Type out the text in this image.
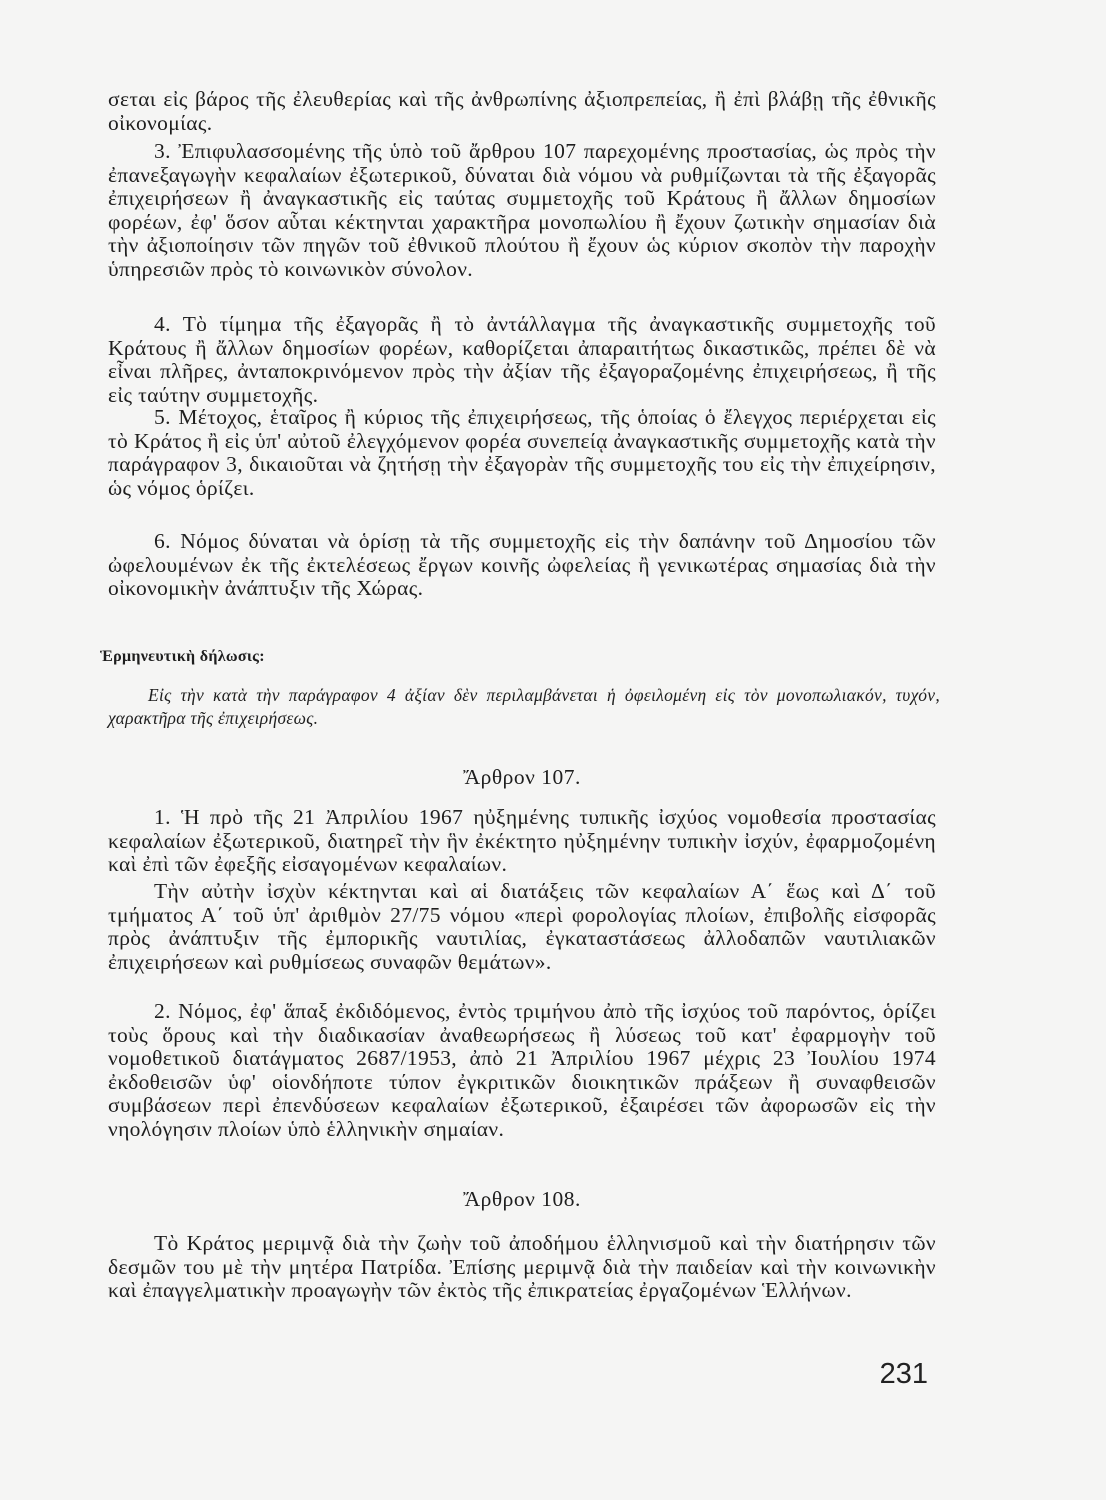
σεται εἰς βάρος τῆς ἐλευθερίας καὶ τῆς ἀνθρωπίνης ἀξιοπρεπείας, ἢ ἐπὶ βλάβῃ τῆς ἐθνικῆς οἰκονομίας.

3. Ἐπιφυλασσομένης τῆς ὑπὸ τοῦ ἄρθρου 107 παρεχομένης προστασίας, ὡς πρὸς τὴν ἐπανεξαγωγὴν κεφαλαίων ἐξωτερικοῦ, δύναται διὰ νόμου νὰ ρυθμίζωνται τὰ τῆς ἐξαγορᾶς ἐπιχειρήσεων ἢ ἀναγκαστικῆς εἰς ταύτας συμμετοχῆς τοῦ Κράτους ἢ ἄλλων δημοσίων φορέων, ἐφ' ὅσον αὗται κέκτηνται χαρακτῆρα μονοπωλίου ἢ ἔχουν ζωτικὴν σημασίαν διὰ τὴν ἀξιοποίησιν τῶν πηγῶν τοῦ ἐθνικοῦ πλούτου ἢ ἔχουν ὡς κύριον σκοπὸν τὴν παροχὴν ὑπηρεσιῶν πρὸς τὸ κοινωνικὸν σύνολον.

4. Τὸ τίμημα τῆς ἐξαγορᾶς ἢ τὸ ἀντάλλαγμα τῆς ἀναγκαστικῆς συμμετοχῆς τοῦ Κράτους ἢ ἄλλων δημοσίων φορέων, καθορίζεται ἀπαραιτήτως δικαστικῶς, πρέπει δὲ νὰ εἶναι πλῆρες, ἀνταποκρινόμενον πρὸς τὴν ἀξίαν τῆς ἐξαγοραζομένης ἐπιχειρήσεως, ἢ τῆς εἰς ταύτην συμμετοχῆς.

5. Μέτοχος, ἑταῖρος ἢ κύριος τῆς ἐπιχειρήσεως, τῆς ὁποίας ὁ ἔλεγχος περιέρχεται εἰς τὸ Κράτος ἢ εἰς ὑπ' αὐτοῦ ἐλεγχόμενον φορέα συνεπείᾳ ἀναγκαστικῆς συμμετοχῆς κατὰ τὴν παράγραφον 3, δικαιοῦται νὰ ζητήσῃ τὴν ἐξαγορὰν τῆς συμμετοχῆς του εἰς τὴν ἐπιχείρησιν, ὡς νόμος ὁρίζει.

6. Νόμος δύναται νὰ ὁρίσῃ τὰ τῆς συμμετοχῆς εἰς τὴν δαπάνην τοῦ Δημοσίου τῶν ὠφελουμένων ἐκ τῆς ἐκτελέσεως ἔργων κοινῆς ὠφελείας ἢ γενικωτέρας σημασίας διὰ τὴν οἰκονομικὴν ἀνάπτυξιν τῆς Χώρας.

Ἑρμηνευτικὴ δήλωσις:

Εἰς τὴν κατὰ τὴν παράγραφον 4 ἀξίαν δὲν περιλαμβάνεται ἡ ὀφειλομένη εἰς τὸν μονοπωλιακόν, τυχόν, χαρακτῆρα τῆς ἐπιχειρήσεως.

Ἄρθρον 107.

1. Ἡ πρὸ τῆς 21 Ἀπριλίου 1967 ηὐξημένης τυπικῆς ἰσχύος νομοθεσία προστασίας κεφαλαίων ἐξωτερικοῦ, διατηρεῖ τὴν ἣν ἐκέκτητο ηὐξημένην τυπικὴν ἰσχύν, ἐφαρμοζομένη καὶ ἐπὶ τῶν ἐφεξῆς εἰσαγομένων κεφαλαίων.

Τὴν αὐτὴν ἰσχὺν κέκτηνται καὶ αἱ διατάξεις τῶν κεφαλαίων Α΄ ἕως καὶ Δ΄ τοῦ τμήματος Α΄ τοῦ ὑπ' ἀριθμὸν 27/75 νόμου «περὶ φορολογίας πλοίων, ἐπιβολῆς εἰσφορᾶς πρὸς ἀνάπτυξιν τῆς ἐμπορικῆς ναυτιλίας, ἐγκαταστάσεως ἀλλοδαπῶν ναυτιλιακῶν ἐπιχειρήσεων καὶ ρυθμίσεως συναφῶν θεμάτων».

2. Νόμος, ἐφ' ἅπαξ ἐκδιδόμενος, ἐντὸς τριμήνου ἀπὸ τῆς ἰσχύος τοῦ παρόντος, ὁρίζει τοὺς ὅρους καὶ τὴν διαδικασίαν ἀναθεωρήσεως ἢ λύσεως τοῦ κατ' ἐφαρμογὴν τοῦ νομοθετικοῦ διατάγματος 2687/1953, ἀπὸ 21 Ἀπριλίου 1967 μέχρις 23 Ἰουλίου 1974 ἐκδοθεισῶν ὑφ' οἱονδήποτε τύπον ἐγκριτικῶν διοικητικῶν πράξεων ἢ συναφθεισῶν συμβάσεων περὶ ἐπενδύσεων κεφαλαίων ἐξωτερικοῦ, ἐξαιρέσει τῶν ἀφορωσῶν εἰς τὴν νηολόγησιν πλοίων ὑπὸ ἑλληνικὴν σημαίαν.

Ἄρθρον 108.

Τὸ Κράτος μεριμνᾷ διὰ τὴν ζωὴν τοῦ ἀποδήμου ἑλληνισμοῦ καὶ τὴν διατήρησιν τῶν δεσμῶν του μὲ τὴν μητέρα Πατρίδα. Ἐπίσης μεριμνᾷ διὰ τὴν παιδείαν καὶ τὴν κοινωνικὴν καὶ ἐπαγγελματικὴν προαγωγὴν τῶν ἐκτὸς τῆς ἐπικρατείας ἐργαζομένων Ἑλλήνων.

231
